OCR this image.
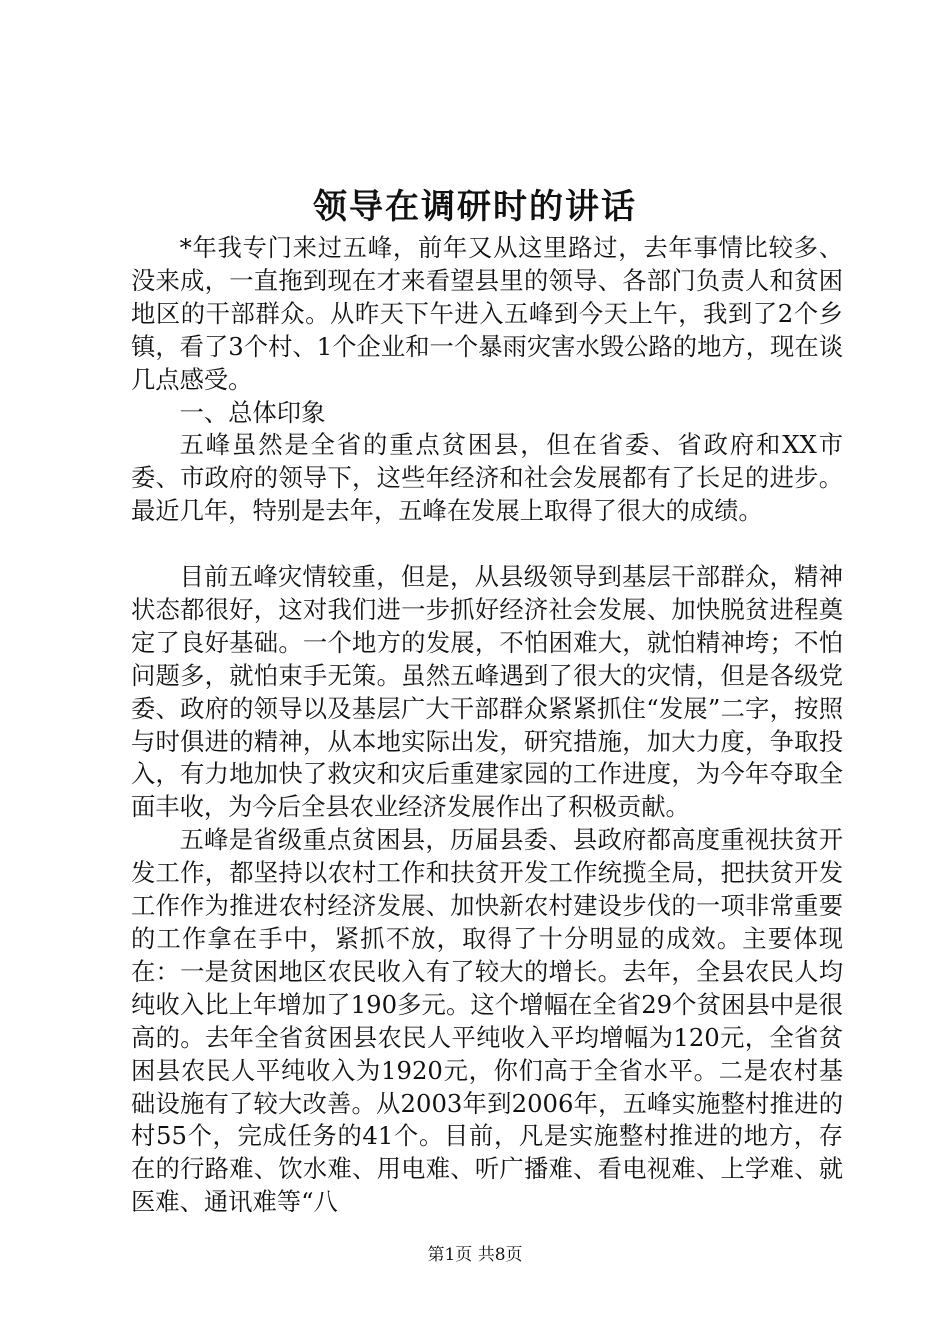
领导在调研时的讲话

*年我专门来过五峰，前年又从这里路过，去年事情比较多、没来成，一直拖到现在才来看望县里的领导、各部门负责人和贫困地区的干部群众。从昨天下午进入五峰到今天上午，我到了2个乡镇，看了3个村、1个企业和一个暴雨灾害水毁公路的地方，现在谈几点感受。

一、总体印象

五峰虽然是全省的重点贫困县，但在省委、省政府和XX市委、市政府的领导下，这些年经济和社会发展都有了长足的进步。最近几年，特别是去年，五峰在发展上取得了很大的成绩。

目前五峰灾情较重，但是，从县级领导到基层干部群众，精神状态都很好，这对我们进一步抓好经济社会发展、加快脱贫进程奠定了良好基础。一个地方的发展，不怕困难大，就怕精神垮；不怕问题多，就怕束手无策。虽然五峰遇到了很大的灾情，但是各级党委、政府的领导以及基层广大干部群众紧紧抓住“发展”二字，按照与时俱进的精神，从本地实际出发，研究措施，加大力度，争取投入，有力地加快了救灾和灾后重建家园的工作进度，为今年夺取全面丰收，为今后全县农业经济发展作出了积极贡献。

五峰是省级重点贫困县，历届县委、县政府都高度重视扶贫开发工作，都坚持以农村工作和扶贫开发工作统揽全局，把扶贫开发工作作为推进农村经济发展、加快新农村建设步伐的一项非常重要的工作拿在手中，紧抓不放，取得了十分明显的成效。主要体现在：一是贫困地区农民收入有了较大的增长。去年，全县农民人均纯收入比上年增加了190多元。这个增幅在全省29个贫困县中是很高的。去年全省贫困县农民人平纯收入平均增幅为120元，全省贫困县农民人平纯收入为1920元，你们高于全省水平。二是农村基础设施有了较大改善。从2003年到2006年，五峰实施整村推进的村55个，完成任务的41个。目前，凡是实施整村推进的地方，存在的行路难、饮水难、用电难、听广播难、看电视难、上学难、就医难、通讯难等“八

第1页 共8页
